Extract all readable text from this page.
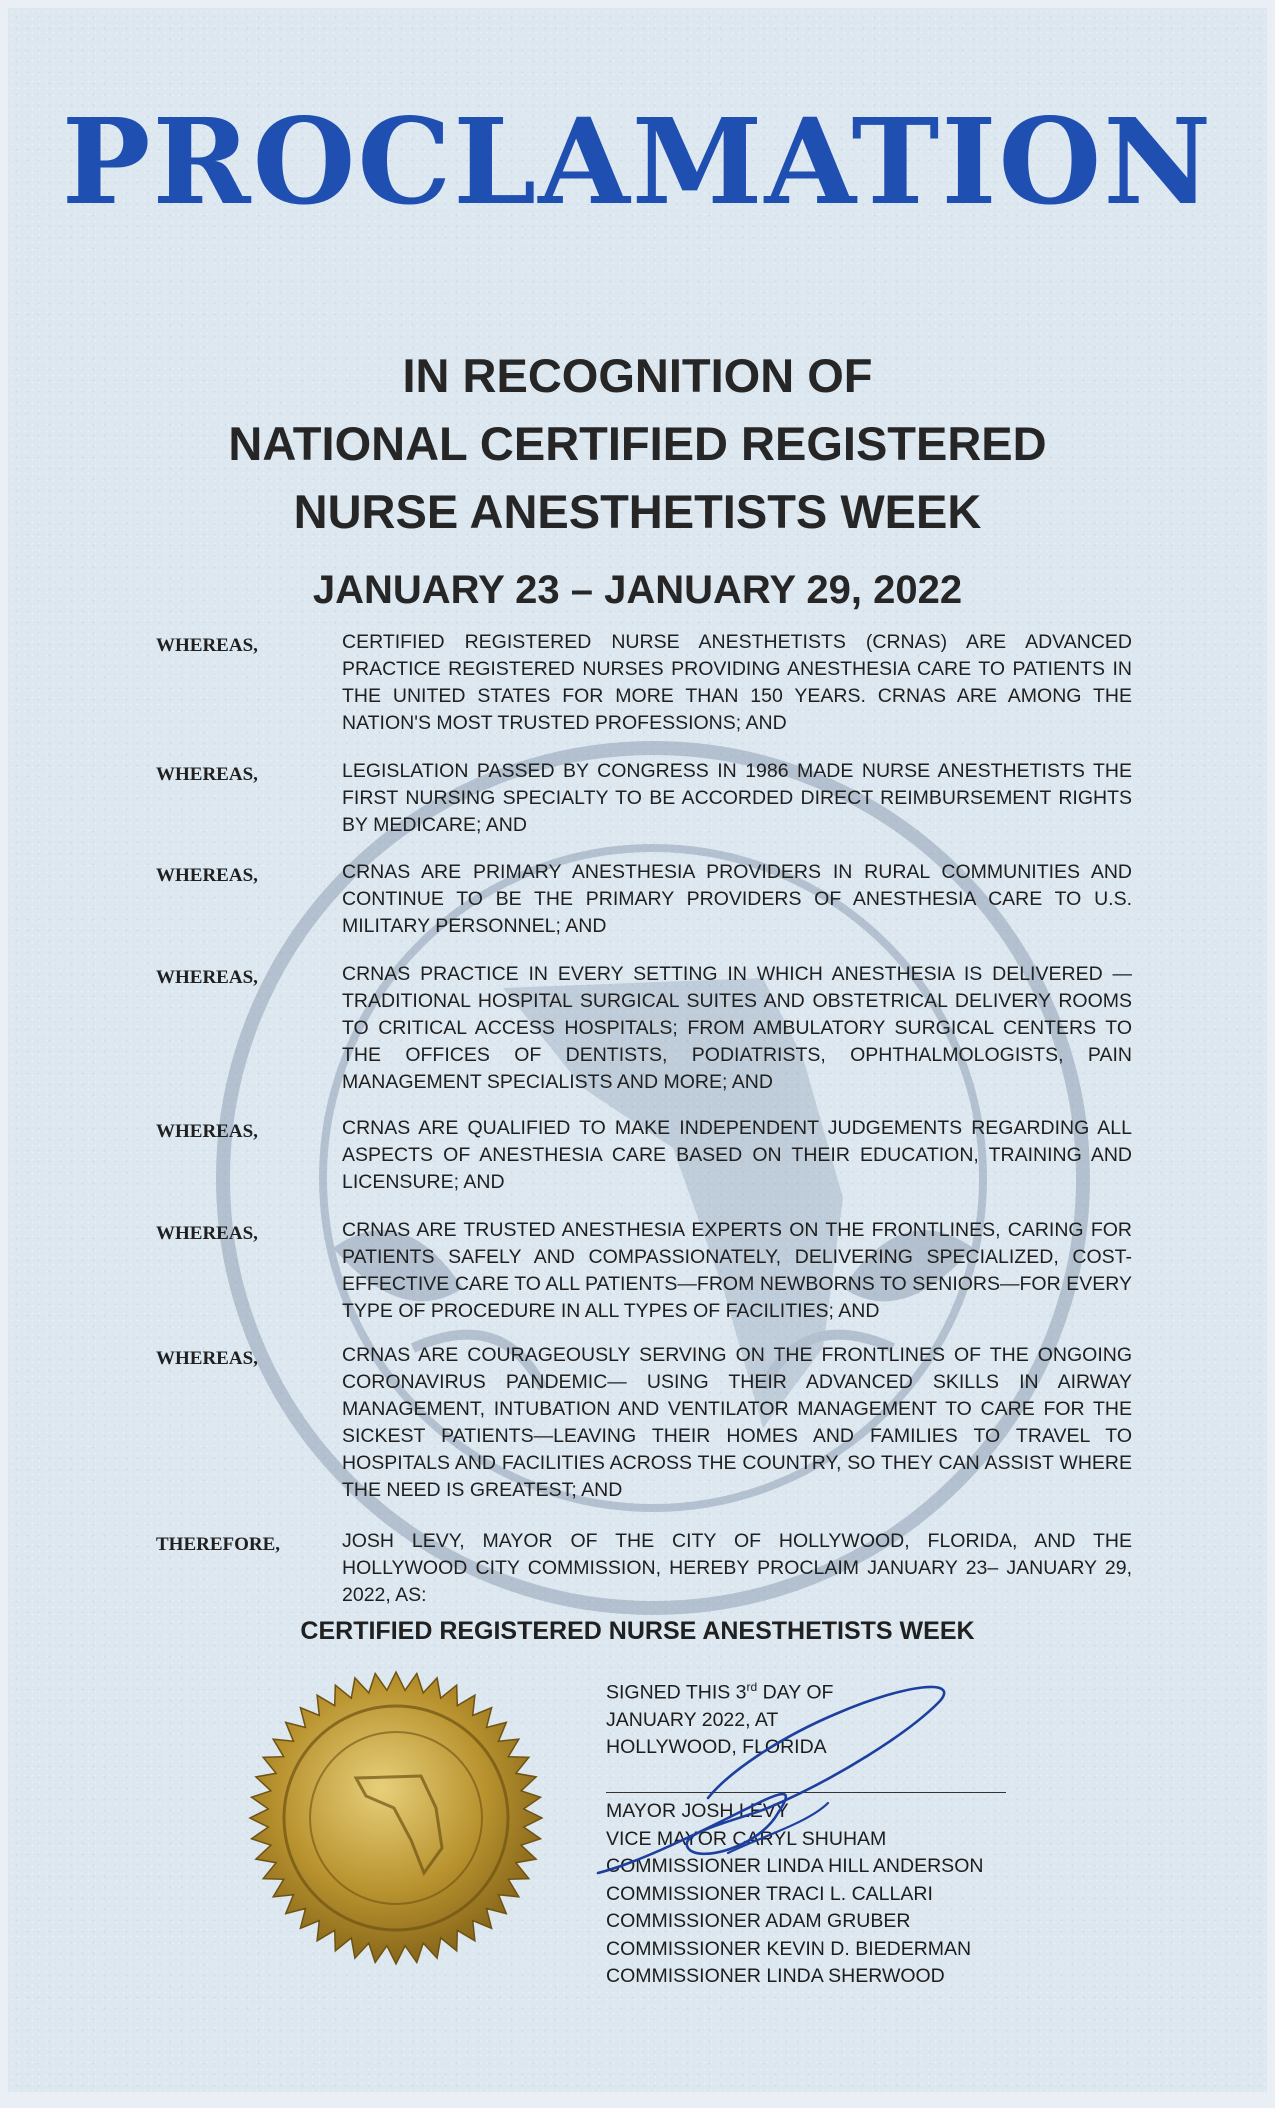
PROCLAMATION
IN RECOGNITION OF
NATIONAL CERTIFIED REGISTERED
NURSE ANESTHETISTS WEEK
JANUARY 23 – JANUARY 29, 2022
WHEREAS,	CERTIFIED REGISTERED NURSE ANESTHETISTS (CRNAS) ARE ADVANCED PRACTICE REGISTERED NURSES PROVIDING ANESTHESIA CARE TO PATIENTS IN THE UNITED STATES FOR MORE THAN 150 YEARS. CRNAS ARE AMONG THE NATION'S MOST TRUSTED PROFESSIONS; AND
WHEREAS,	LEGISLATION PASSED BY CONGRESS IN 1986 MADE NURSE ANESTHETISTS THE FIRST NURSING SPECIALTY TO BE ACCORDED DIRECT REIMBURSEMENT RIGHTS BY MEDICARE; AND
WHEREAS,	CRNAS ARE PRIMARY ANESTHESIA PROVIDERS IN RURAL COMMUNITIES AND CONTINUE TO BE THE PRIMARY PROVIDERS OF ANESTHESIA CARE TO U.S. MILITARY PERSONNEL; AND
WHEREAS,	CRNAS PRACTICE IN EVERY SETTING IN WHICH ANESTHESIA IS DELIVERED — TRADITIONAL HOSPITAL SURGICAL SUITES AND OBSTETRICAL DELIVERY ROOMS TO CRITICAL ACCESS HOSPITALS; FROM AMBULATORY SURGICAL CENTERS TO THE OFFICES OF DENTISTS, PODIATRISTS, OPHTHALMOLOGISTS, PAIN MANAGEMENT SPECIALISTS AND MORE; AND
WHEREAS,	CRNAS ARE QUALIFIED TO MAKE INDEPENDENT JUDGEMENTS REGARDING ALL ASPECTS OF ANESTHESIA CARE BASED ON THEIR EDUCATION, TRAINING AND LICENSURE; AND
WHEREAS,	CRNAS ARE TRUSTED ANESTHESIA EXPERTS ON THE FRONTLINES, CARING FOR PATIENTS SAFELY AND COMPASSIONATELY, DELIVERING SPECIALIZED, COST-EFFECTIVE CARE TO ALL PATIENTS—FROM NEWBORNS TO SENIORS—FOR EVERY TYPE OF PROCEDURE IN ALL TYPES OF FACILITIES; AND
WHEREAS,	CRNAS ARE COURAGEOUSLY SERVING ON THE FRONTLINES OF THE ONGOING CORONAVIRUS PANDEMIC— USING THEIR ADVANCED SKILLS IN AIRWAY MANAGEMENT, INTUBATION AND VENTILATOR MANAGEMENT TO CARE FOR THE SICKEST PATIENTS—LEAVING THEIR HOMES AND FAMILIES TO TRAVEL TO HOSPITALS AND FACILITIES ACROSS THE COUNTRY, SO THEY CAN ASSIST WHERE THE NEED IS GREATEST; AND
THEREFORE,	JOSH LEVY, MAYOR OF THE CITY OF HOLLYWOOD, FLORIDA, AND THE HOLLYWOOD CITY COMMISSION, HEREBY PROCLAIM JANUARY 23– JANUARY 29, 2022, AS:
CERTIFIED REGISTERED NURSE ANESTHETISTS WEEK
SIGNED THIS 3rd DAY OF
JANUARY 2022, AT
HOLLYWOOD, FLORIDA
MAYOR JOSH LEVY
VICE MAYOR CARYL SHUHAM
COMMISSIONER LINDA HILL ANDERSON
COMMISSIONER TRACI L. CALLARI
COMMISSIONER ADAM GRUBER
COMMISSIONER KEVIN D. BIEDERMAN
COMMISSIONER LINDA SHERWOOD
